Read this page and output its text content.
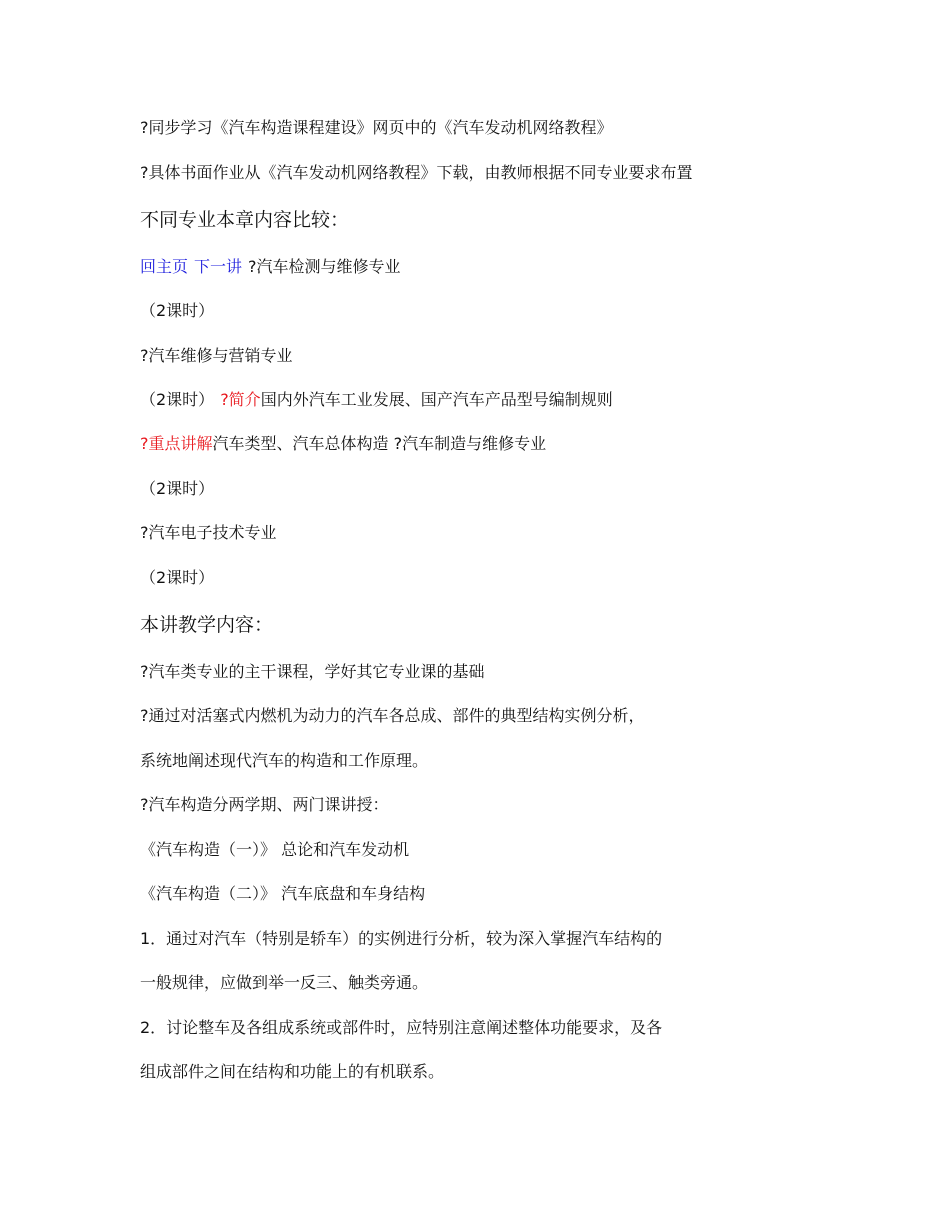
?同步学习《汽车构造课程建设》网页中的《汽车发动机网络教程》
?具体书面作业从《汽车发动机网络教程》下载，由教师根据不同专业要求布置
不同专业本章内容比较：
回主页 下一讲 ?汽车检测与维修专业
（2课时）
?汽车维修与营销专业
（2课时） ?简介国内外汽车工业发展、国产汽车产品型号编制规则
?重点讲解汽车类型、汽车总体构造 ?汽车制造与维修专业
（2课时）
?汽车电子技术专业
（2课时）
本讲教学内容：
?汽车类专业的主干课程，学好其它专业课的基础
?通过对活塞式内燃机为动力的汽车各总成、部件的典型结构实例分析，
系统地阐述现代汽车的构造和工作原理。
?汽车构造分两学期、两门课讲授：
《汽车构造（一）》 总论和汽车发动机
《汽车构造（二）》 汽车底盘和车身结构
1．通过对汽车（特别是轿车）的实例进行分析，较为深入掌握汽车结构的
一般规律，应做到举一反三、触类旁通。
2．讨论整车及各组成系统或部件时，应特别注意阐述整体功能要求，及各
组成部件之间在结构和功能上的有机联系。
